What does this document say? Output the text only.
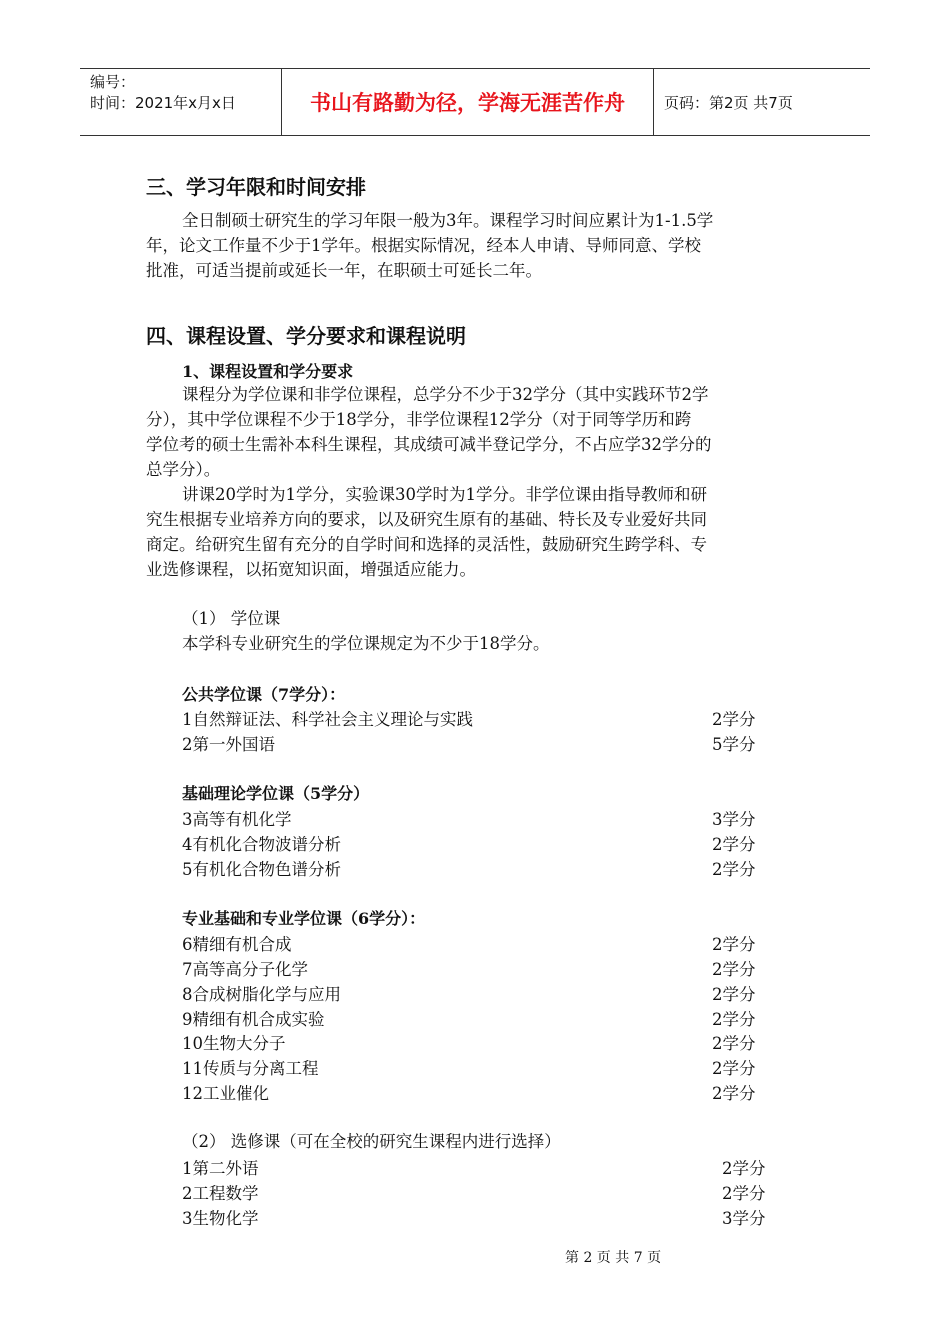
编号：
时间：2021年x月x日	书山有路勤为径，学海无涯苦作舟	页码：第2页 共7页
三、学习年限和时间安排
全日制硕士研究生的学习年限一般为3年。课程学习时间应累计为1-1.5学
年，论文工作量不少于1学年。根据实际情况，经本人申请、导师同意、学校
批准，可适当提前或延长一年，在职硕士可延长二年。
四、课程设置、学分要求和课程说明
1、课程设置和学分要求
课程分为学位课和非学位课程，总学分不少于32学分（其中实践环节2学
分），其中学位课程不少于18学分，非学位课程12学分（对于同等学历和跨
学位考的硕士生需补本科生课程，其成绩可减半登记学分，不占应学32学分的
总学分）。
讲课20学时为1学分，实验课30学时为1学分。非学位课由指导教师和研
究生根据专业培养方向的要求，以及研究生原有的基础、特长及专业爱好共同
商定。给研究生留有充分的自学时间和选择的灵活性，鼓励研究生跨学科、专
业选修课程，以拓宽知识面，增强适应能力。
（1） 学位课
本学科专业研究生的学位课规定为不少于18学分。
公共学位课（7学分）：
1自然辩证法、科学社会主义理论与实践	2学分
2第一外国语	5学分
基础理论学位课（5学分）
3高等有机化学	3学分
4有机化合物波谱分析	2学分
5有机化合物色谱分析	2学分
专业基础和专业学位课（6学分）：
6精细有机合成	2学分
7高等高分子化学	2学分
8合成树脂化学与应用	2学分
9精细有机合成实验	2学分
10生物大分子	2学分
11传质与分离工程	2学分
12工业催化	2学分
（2） 选修课（可在全校的研究生课程内进行选择）
1第二外语	2学分
2工程数学	2学分
3生物化学	3学分
第 2 页 共 7 页
